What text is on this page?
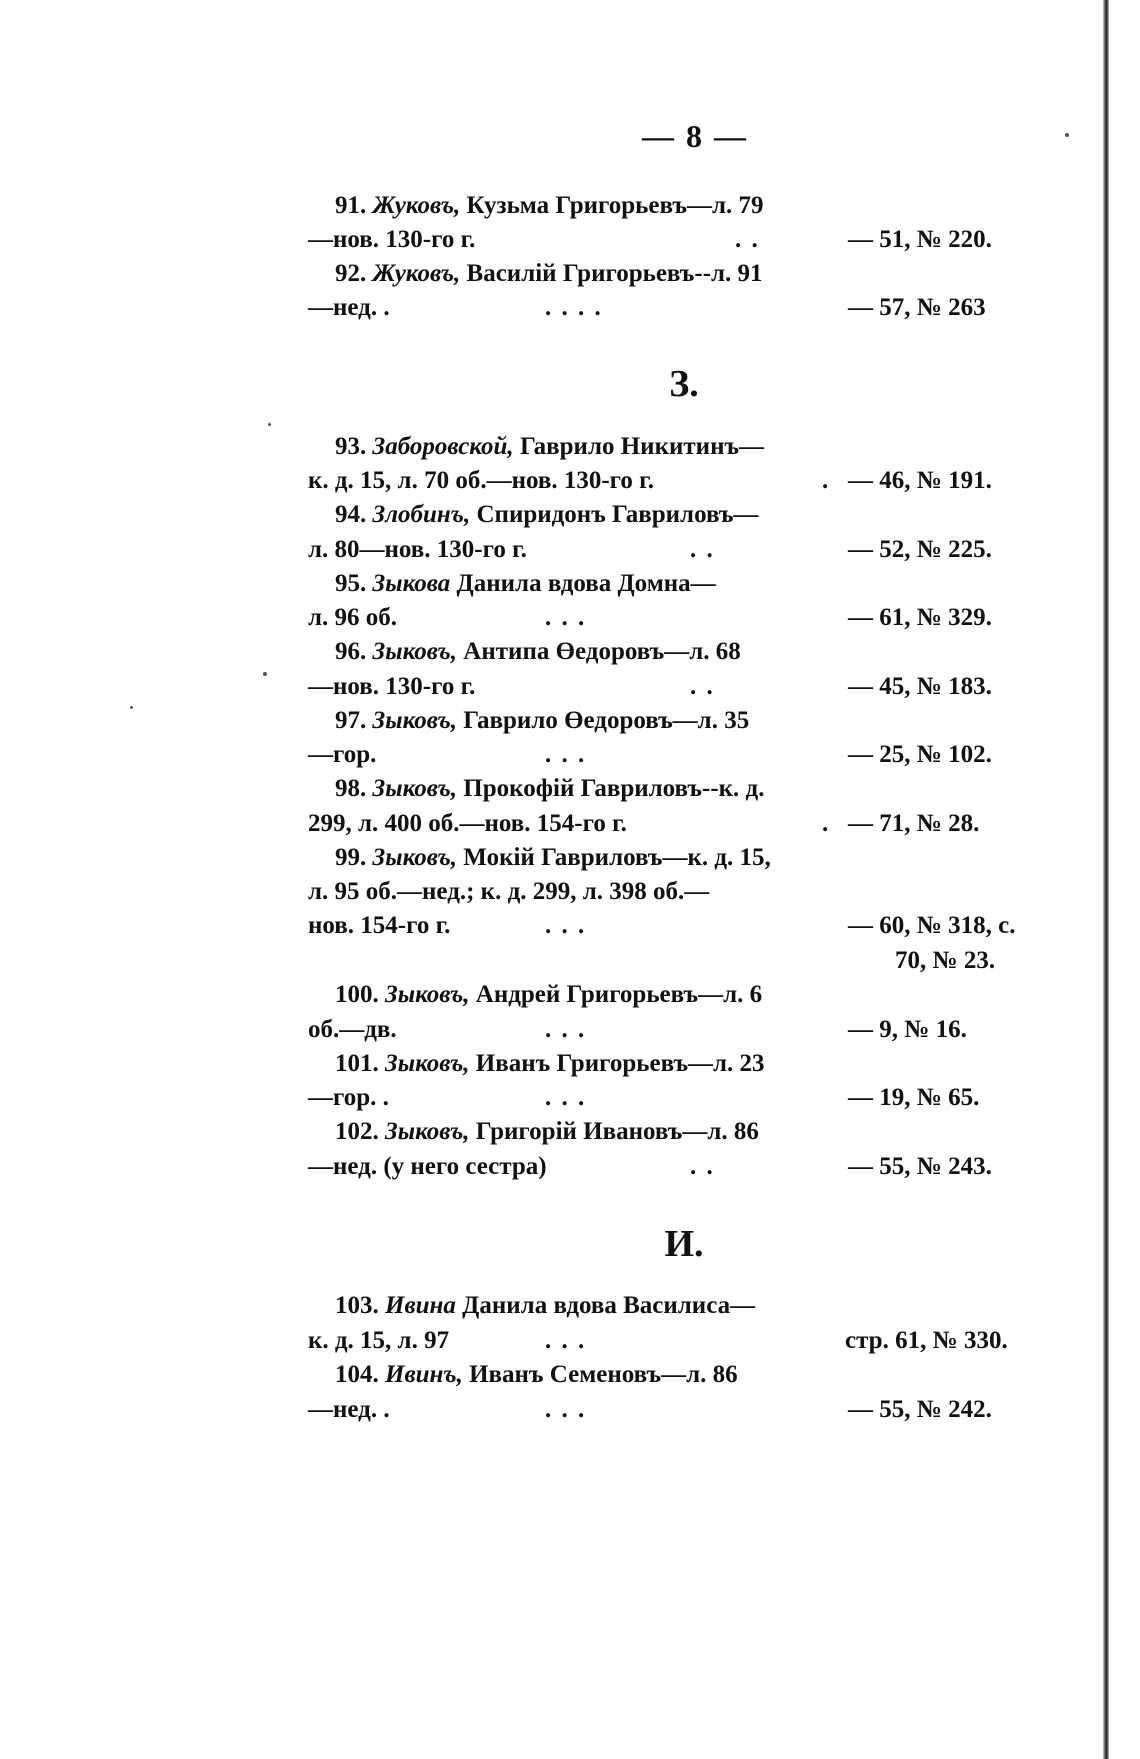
— 8 —
91. Жуковъ, Кузьма Григорьевъ—л. 79
—нов. 130-го г.	. .	— 51, № 220.
92. Жуковъ, Василій Григорьевъ--л. 91
—нед. .	. . . .	— 57, № 263
З.
93. Заборовской, Гаврило Никитинъ—
к. д. 15, л. 70 об.—нов. 130-го г.	. — 46, № 191.
94. Злобинъ, Спиридонъ Гавриловъ—
л. 80—нов. 130-го г.	. .	— 52, № 225.
95. Зыкова Данила вдова Домна—
л. 96 об.	. . .	— 61, № 329.
96. Зыковъ, Антипа Өедоровъ—л. 68
—нов. 130-го г.	. .	— 45, № 183.
97. Зыковъ, Гаврило Өедоровъ—л. 35
—гор.	. . .	— 25, № 102.
98. Зыковъ, Прокофій Гавриловъ--к. д.
299, л. 400 об.—нов. 154-го г.	. — 71, № 28.
99. Зыковъ, Мокій Гавриловъ—к. д. 15,
л. 95 об.—нед.; к. д. 299, л. 398 об.—
нов. 154-го г.	. . .	— 60, № 318, с.
70, № 23.
100. Зыковъ, Андрей Григорьевъ—л. 6
об.—дв.	. . .	— 9, № 16.
101. Зыковъ, Иванъ Григорьевъ—л. 23
—гор. .	. . .	— 19, № 65.
102. Зыковъ, Григорій Ивановъ—л. 86
—нед. (у него сестра)	. .	— 55, № 243.
И.
103. Ивина Данила вдова Василиса—
к. д. 15, л. 97	. . .	стр. 61, № 330.
104. Ивинъ, Иванъ Семеновъ—л. 86
—нед. .	. . .	— 55, № 242.
